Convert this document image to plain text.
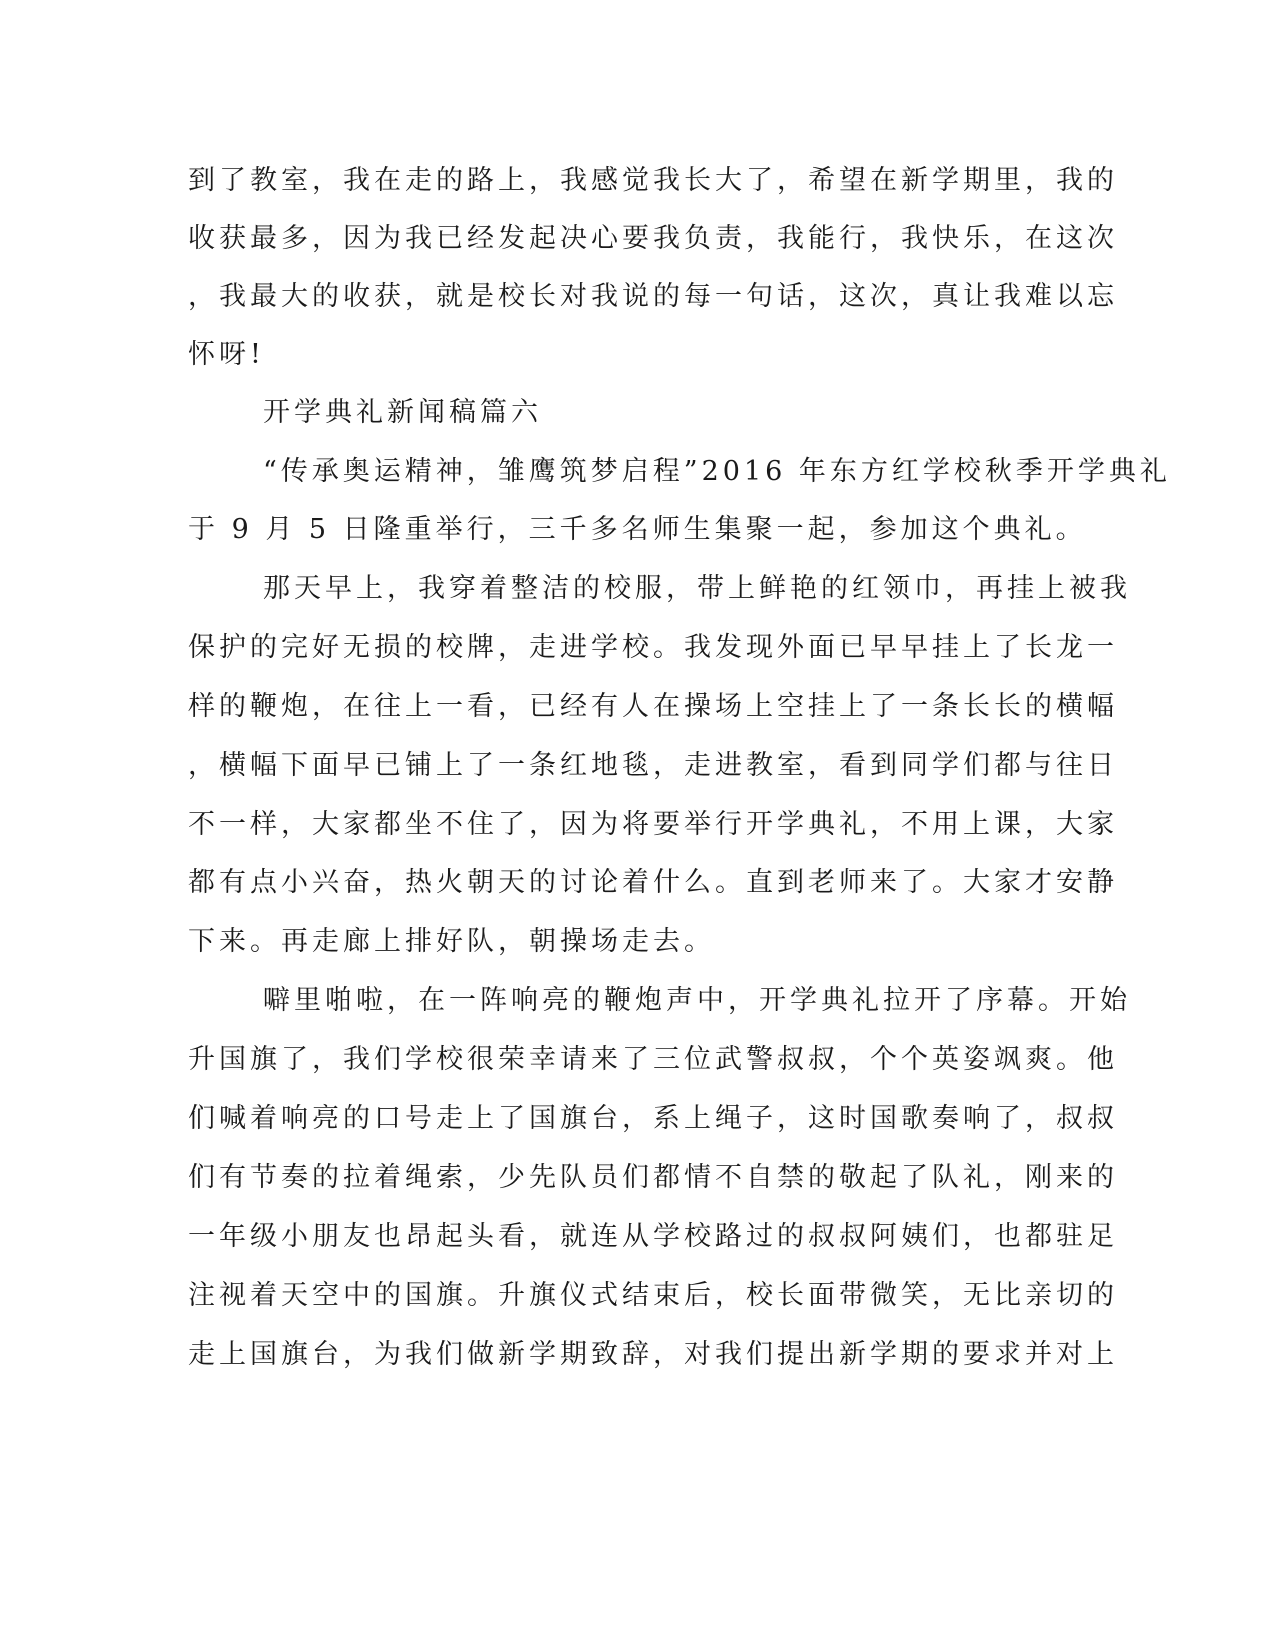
到了教室，我在走的路上，我感觉我长大了，希望在新学期里，我的
收获最多，因为我已经发起决心要我负责，我能行，我快乐，在这次
，我最大的收获，就是校长对我说的每一句话，这次，真让我难以忘
怀呀!
开学典礼新闻稿篇六
“传承奥运精神，雏鹰筑梦启程”2016 年东方红学校秋季开学典礼
于 9 月 5 日隆重举行，三千多名师生集聚一起，参加这个典礼。
那天早上，我穿着整洁的校服，带上鲜艳的红领巾，再挂上被我
保护的完好无损的校牌，走进学校。我发现外面已早早挂上了长龙一
样的鞭炮，在往上一看，已经有人在操场上空挂上了一条长长的横幅
，横幅下面早已铺上了一条红地毯，走进教室，看到同学们都与往日
不一样，大家都坐不住了，因为将要举行开学典礼，不用上课，大家
都有点小兴奋，热火朝天的讨论着什么。直到老师来了。大家才安静
下来。再走廊上排好队，朝操场走去。
噼里啪啦，在一阵响亮的鞭炮声中，开学典礼拉开了序幕。开始
升国旗了，我们学校很荣幸请来了三位武警叔叔，个个英姿飒爽。他
们喊着响亮的口号走上了国旗台，系上绳子，这时国歌奏响了，叔叔
们有节奏的拉着绳索，少先队员们都情不自禁的敬起了队礼，刚来的
一年级小朋友也昂起头看，就连从学校路过的叔叔阿姨们，也都驻足
注视着天空中的国旗。升旗仪式结束后，校长面带微笑，无比亲切的
走上国旗台，为我们做新学期致辞，对我们提出新学期的要求并对上
